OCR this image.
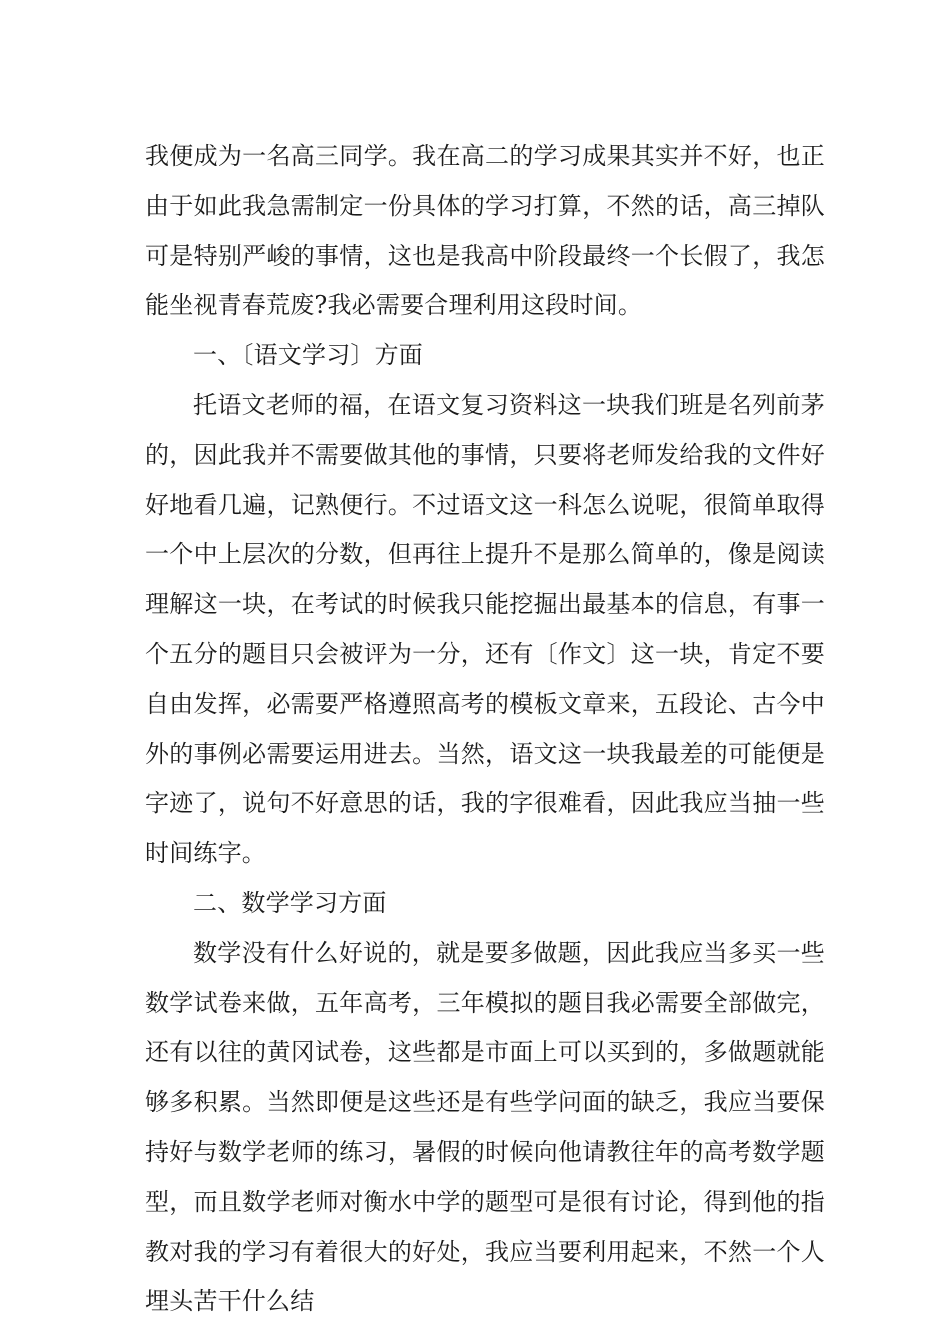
我便成为一名高三同学。我在高二的学习成果其实并不好，也正由于如此我急需制定一份具体的学习打算，不然的话，高三掉队可是特别严峻的事情，这也是我高中阶段最终一个长假了，我怎能坐视青春荒废?我必需要合理利用这段时间。

一、〔语文学习〕方面

托语文老师的福，在语文复习资料这一块我们班是名列前茅的，因此我并不需要做其他的事情，只要将老师发给我的文件好好地看几遍，记熟便行。不过语文这一科怎么说呢，很简单取得一个中上层次的分数，但再往上提升不是那么简单的，像是阅读理解这一块，在考试的时候我只能挖掘出最基本的信息，有事一个五分的题目只会被评为一分，还有〔作文〕这一块，肯定不要自由发挥，必需要严格遵照高考的模板文章来，五段论、古今中外的事例必需要运用进去。当然，语文这一块我最差的可能便是字迹了，说句不好意思的话，我的字很难看，因此我应当抽一些时间练字。

二、数学学习方面

数学没有什么好说的，就是要多做题，因此我应当多买一些数学试卷来做，五年高考，三年模拟的题目我必需要全部做完，还有以往的黄冈试卷，这些都是市面上可以买到的，多做题就能够多积累。当然即便是这些还是有些学问面的缺乏，我应当要保持好与数学老师的练习，暑假的时候向他请教往年的高考数学题型，而且数学老师对衡水中学的题型可是很有讨论，得到他的指教对我的学习有着很大的好处，我应当要利用起来，不然一个人埋头苦干什么结
